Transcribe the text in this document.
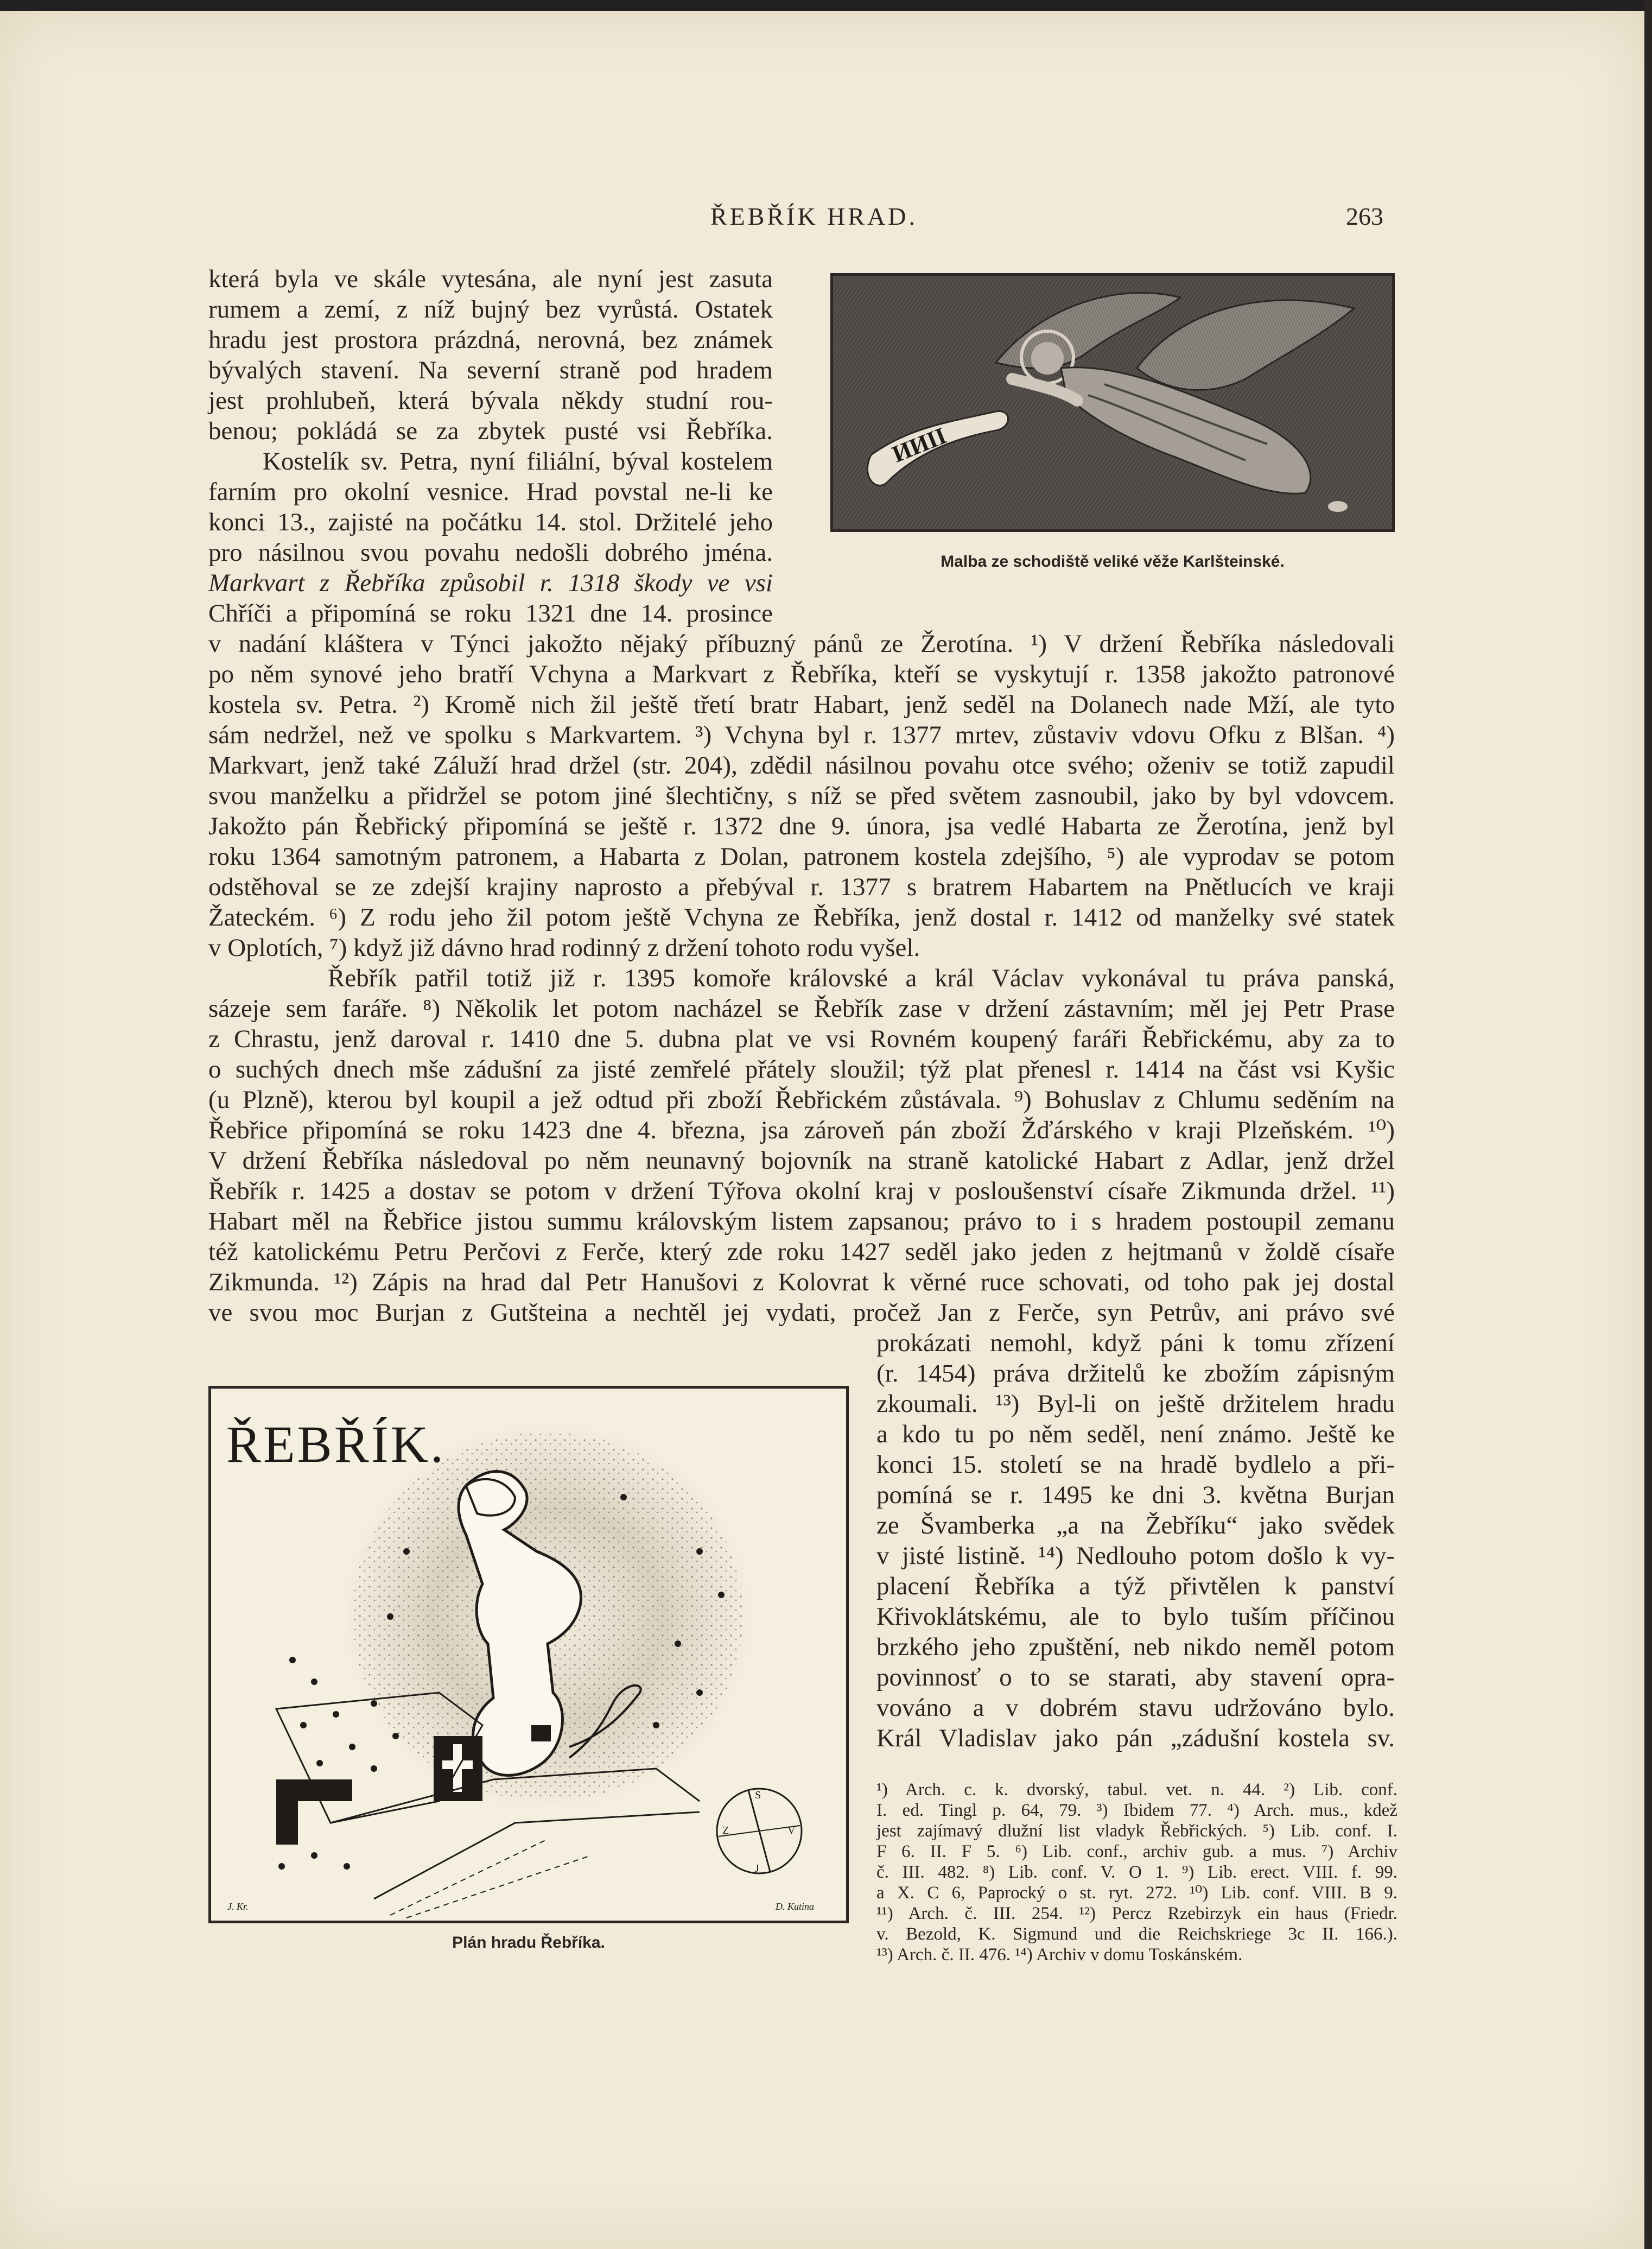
ŘEBŘÍK HRAD.	263
ИИII
Malba ze schodiště veliké věže Karlšteinské.
která byla ve skále vytesána, ale nyní jest zasuta
rumem a zemí, z níž bujný bez vyrůstá. Ostatek
hradu jest prostora prázdná, nerovná, bez známek
bývalých stavení. Na severní straně pod hradem
jest prohlubeň, která bývala někdy studní rou-
benou; pokládá se za zbytek pusté vsi Řebříka.
Kostelík sv. Petra, nyní filiální, býval kostelem
farním pro okolní vesnice. Hrad povstal ne-li ke
konci 13., zajisté na počátku 14. stol. Držitelé jeho
pro násilnou svou povahu nedošli dobrého jména.
Markvart z Řebříka způsobil r. 1318 škody ve vsi
Chříči a připomíná se roku 1321 dne 14. prosince
v nadání kláštera v Týnci jakožto nějaký příbuzný pánů ze Žerotína. ¹) V držení Řebříka následovali
po něm synové jeho bratří Vchyna a Markvart z Řebříka, kteří se vyskytují r. 1358 jakožto patronové
kostela sv. Petra. ²) Kromě nich žil ještě třetí bratr Habart, jenž seděl na Dolanech nade Mží, ale tyto
sám nedržel, než ve spolku s Markvartem. ³) Vchyna byl r. 1377 mrtev, zůstaviv vdovu Ofku z Blšan. ⁴)
Markvart, jenž také Záluží hrad držel (str. 204), zdědil násilnou povahu otce svého; oženiv se totiž zapudil
svou manželku a přidržel se potom jiné šlechtičny, s níž se před světem zasnoubil, jako by byl vdovcem.
Jakožto pán Řebřický připomíná se ještě r. 1372 dne 9. února, jsa vedlé Habarta ze Žerotína, jenž byl
roku 1364 samotným patronem, a Habarta z Dolan, patronem kostela zdejšího, ⁵) ale vyprodav se potom
odstěhoval se ze zdejší krajiny naprosto a přebýval r. 1377 s bratrem Habartem na Pnětlucích ve kraji
Žateckém. ⁶) Z rodu jeho žil potom ještě Vchyna ze Řebříka, jenž dostal r. 1412 od manželky své statek
v Oplotích, ⁷) když již dávno hrad rodinný z držení tohoto rodu vyšel.
Řebřík patřil totiž již r. 1395 komoře královské a král Václav vykonával tu práva panská,
sázeje sem faráře. ⁸) Několik let potom nacházel se Řebřík zase v držení zástavním; měl jej Petr Prase
z Chrastu, jenž daroval r. 1410 dne 5. dubna plat ve vsi Rovném koupený faráři Řebřickému, aby za to
o suchých dnech mše zádušní za jisté zemřelé přátely sloužil; týž plat přenesl r. 1414 na část vsi Kyšic
(u Plzně), kterou byl koupil a jež odtud při zboží Řebřickém zůstávala. ⁹) Bohuslav z Chlumu seděním na
Řebřice připomíná se roku 1423 dne 4. března, jsa zároveň pán zboží Žďárského v kraji Plzeňském. ¹⁰)
V držení Řebříka následoval po něm neunavný bojovník na straně katolické Habart z Adlar, jenž držel
Řebřík r. 1425 a dostav se potom v držení Týřova okolní kraj v posloušenství císaře Zikmunda držel. ¹¹)
Habart měl na Řebřice jistou summu královským listem zapsanou; právo to i s hradem postoupil zemanu
též katolickému Petru Perčovi z Ferče, který zde roku 1427 seděl jako jeden z hejtmanů v žoldě císaře
Zikmunda. ¹²) Zápis na hrad dal Petr Hanušovi z Kolovrat k věrné ruce schovati, od toho pak jej dostal
ve svou moc Burjan z Gutšteina a nechtěl jej vydati, pročež Jan z Ferče, syn Petrův, ani právo své
prokázati nemohl, když páni k tomu zřízení
(r. 1454) práva držitelů ke zbožím zápisným
zkoumali. ¹³) Byl-li on ještě držitelem hradu
a kdo tu po něm seděl, není známo. Ještě ke
konci 15. století se na hradě bydlelo a při-
pomíná se r. 1495 ke dni 3. května Burjan
ze Švamberka „a na Žebříku“ jako svědek
v jisté listině. ¹⁴) Nedlouho potom došlo k vy-
placení Řebříka a týž přivtělen k panství
Křivoklátskému, ale to bylo tuším příčinou
brzkého jeho zpuštění, neb nikdo neměl potom
povinnosť o to se starati, aby stavení opra-
vováno a v dobrém stavu udržováno bylo.
Král Vladislav jako pán „zádušní kostela sv.
ŘEBŘÍK.
S
J
Z	V
J. Kr.	D. Kutina
Plán hradu Řebříka.
¹) Arch. c. k. dvorský, tabul. vet. n. 44. ²) Lib. conf.
I. ed. Tingl p. 64, 79. ³) Ibidem 77. ⁴) Arch. mus., kdež
jest zajímavý dlužní list vladyk Řebřických. ⁵) Lib. conf. I.
F 6. II. F 5. ⁶) Lib. conf., archiv gub. a mus. ⁷) Archiv
č. III. 482. ⁸) Lib. conf. V. O 1. ⁹) Lib. erect. VIII. f. 99.
a X. C 6, Paprocký o st. ryt. 272. ¹⁰) Lib. conf. VIII. B 9.
¹¹) Arch. č. III. 254. ¹²) Percz Rzebirzyk ein haus (Friedr.
v. Bezold, K. Sigmund und die Reichskriege 3c II. 166.).
¹³) Arch. č. II. 476. ¹⁴) Archiv v domu Toskánském.
